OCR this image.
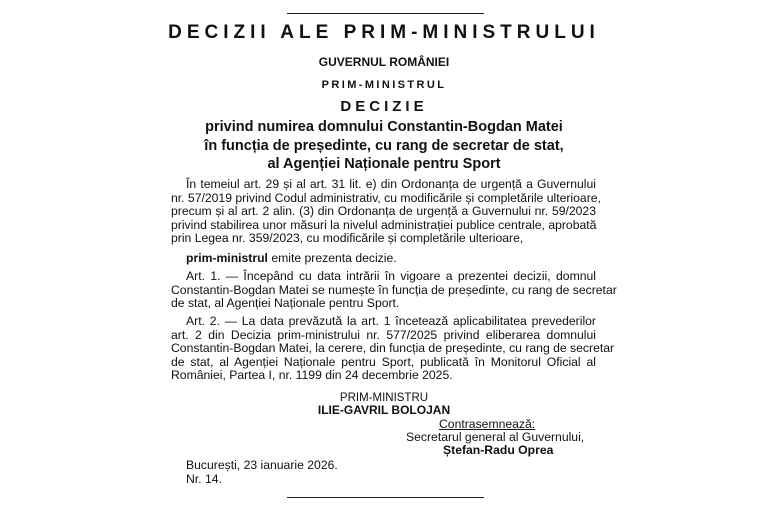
DECIZII ALE PRIM-MINISTRULUI
GUVERNUL ROMÂNIEI
PRIM-MINISTRUL
DECIZIE
privind numirea domnului Constantin-Bogdan Matei
în funcția de președinte, cu rang de secretar de stat,
al Agenției Naționale pentru Sport
În temeiul art. 29 și al art. 31 lit. e) din Ordonanța de urgență a Guvernului
nr. 57/2019 privind Codul administrativ, cu modificările și completările ulterioare,
precum și al art. 2 alin. (3) din Ordonanța de urgență a Guvernului nr. 59/2023
privind stabilirea unor măsuri la nivelul administrației publice centrale, aprobată
prin Legea nr. 359/2023, cu modificările și completările ulterioare,
prim-ministrul emite prezenta decizie.
Art. 1. — Începând cu data intrării în vigoare a prezentei decizii, domnul
Constantin-Bogdan Matei se numește în funcția de președinte, cu rang de secretar
de stat, al Agenției Naționale pentru Sport.
Art. 2. — La data prevăzută la art. 1 încetează aplicabilitatea prevederilor
art. 2 din Decizia prim-ministrului nr. 577/2025 privind eliberarea domnului
Constantin-Bogdan Matei, la cerere, din funcția de președinte, cu rang de secretar
de stat, al Agenției Naționale pentru Sport, publicată în Monitorul Oficial al
României, Partea I, nr. 1199 din 24 decembrie 2025.
PRIM-MINISTRU
ILIE-GAVRIL BOLOJAN
Contrasemnează:
Secretarul general al Guvernului,
Ștefan-Radu Oprea
București, 23 ianuarie 2026.
Nr. 14.
